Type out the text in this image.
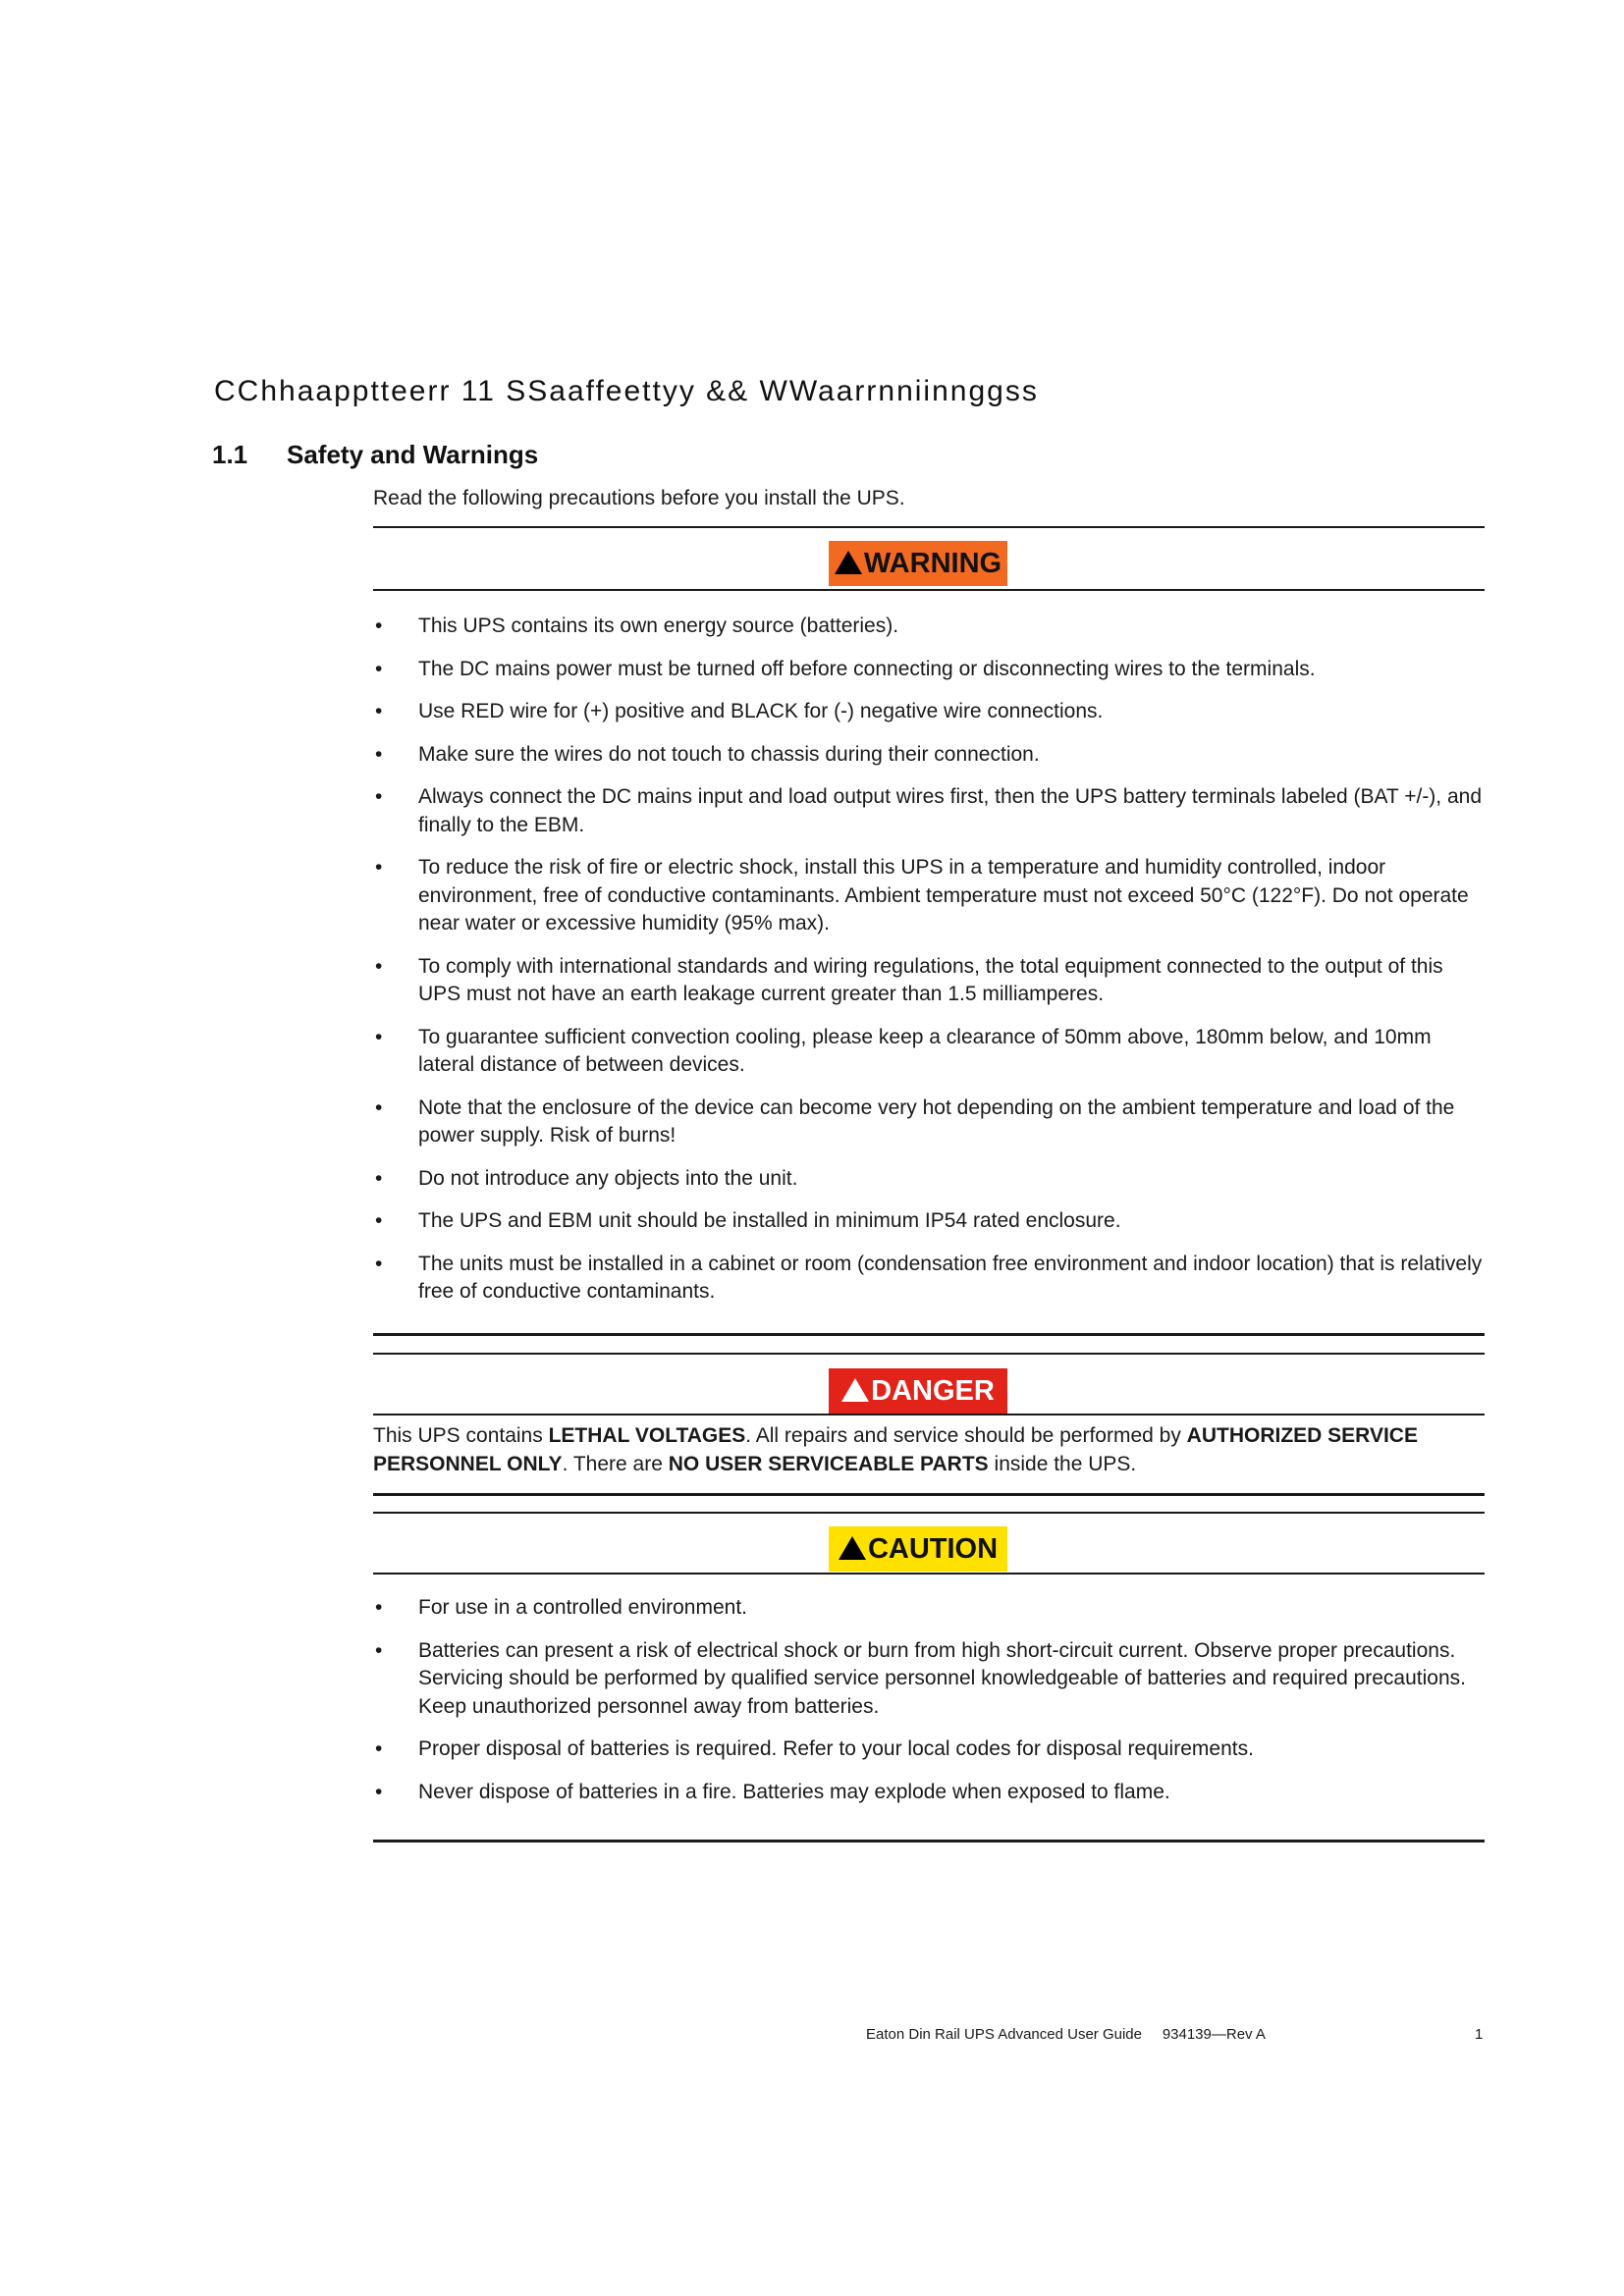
CChhaapptteerr 11 SSaaffeettyy && WWaarrnniinnggss
1.1 Safety and Warnings
Read the following precautions before you install the UPS.
WARNING
• This UPS contains its own energy source (batteries).
• The DC mains power must be turned off before connecting or disconnecting wires to the terminals.
• Use RED wire for (+) positive and BLACK for (-) negative wire connections.
• Make sure the wires do not touch to chassis during their connection.
• Always connect the DC mains input and load output wires first, then the UPS battery terminals labeled (BAT +/-), and finally to the EBM.
• To reduce the risk of fire or electric shock, install this UPS in a temperature and humidity controlled, indoor environment, free of conductive contaminants. Ambient temperature must not exceed 50°C (122°F). Do not operate near water or excessive humidity (95% max).
• To comply with international standards and wiring regulations, the total equipment connected to the output of this UPS must not have an earth leakage current greater than 1.5 milliamperes.
• To guarantee sufficient convection cooling, please keep a clearance of 50mm above, 180mm below, and 10mm lateral distance of between devices.
• Note that the enclosure of the device can become very hot depending on the ambient temperature and load of the power supply. Risk of burns!
• Do not introduce any objects into the unit.
• The UPS and EBM unit should be installed in minimum IP54 rated enclosure.
• The units must be installed in a cabinet or room (condensation free environment and indoor location) that is relatively free of conductive contaminants.
DANGER
This UPS contains LETHAL VOLTAGES. All repairs and service should be performed by AUTHORIZED SERVICE PERSONNEL ONLY. There are NO USER SERVICEABLE PARTS inside the UPS.
CAUTION
• For use in a controlled environment.
• Batteries can present a risk of electrical shock or burn from high short-circuit current. Observe proper precautions. Servicing should be performed by qualified service personnel knowledgeable of batteries and required precautions. Keep unauthorized personnel away from batteries.
• Proper disposal of batteries is required. Refer to your local codes for disposal requirements.
• Never dispose of batteries in a fire. Batteries may explode when exposed to flame.
Eaton Din Rail UPS Advanced User Guide     934139—Rev A	1
